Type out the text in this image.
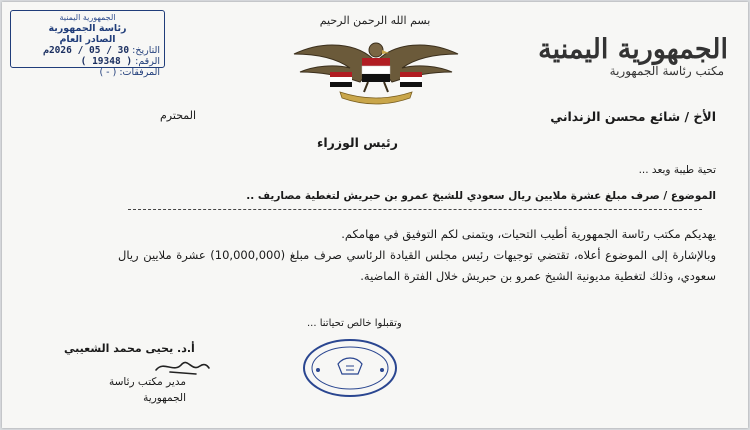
الجمهورية اليمنية
رئاسة الجمهورية
الصادر العام
التاريخ: 30 / 05 / 2026م
الرقم: ( 19348 )
المرفقات: ( - )
بسم الله الرحمن الرحيم
الجمهورية اليمنية
مكتب رئاسة الجمهورية
الأخ / شائع محسن الزنداني
المحترم
رئيس الوزراء
تحية طيبة وبعد ...
الموضوع / صرف مبلغ عشرة ملايين ريال سعودي للشيخ عمرو بن حبريش لتغطية مصاريف ..

يهديكم مكتب رئاسة الجمهورية أطيب التحيات، ويتمنى لكم التوفيق في مهامكم.

وبالإشارة إلى الموضوع أعلاه، تقتضي توجيهات رئيس مجلس القيادة الرئاسي صرف مبلغ (10,000,000) عشرة ملايين ريال سعودي، وذلك لتغطية مديونية الشيخ عمرو بن حبريش خلال الفترة الماضية.

وتقبلوا خالص تحياتنا ...
أ.د. يحيى محمد الشعيبي
مدير مكتب رئاسة الجمهورية
